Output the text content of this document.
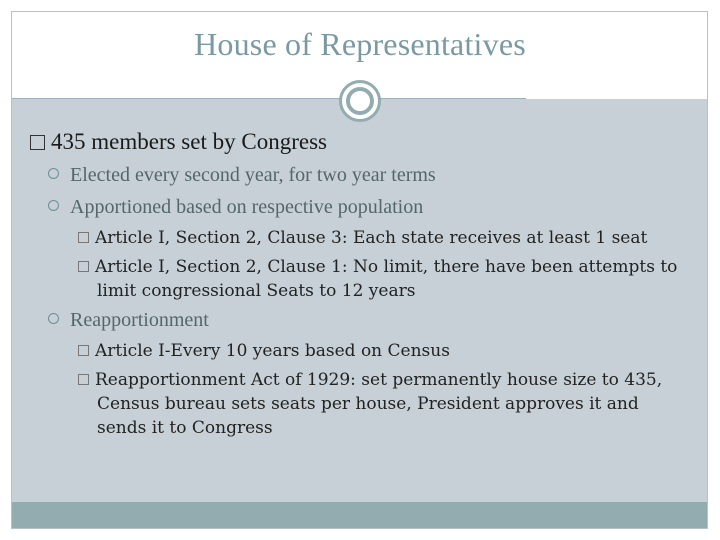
House of Representatives
435 members set by Congress
Elected every second year, for two year terms
Apportioned based on respective population
Article I, Section 2, Clause 3: Each state receives at least 1 seat
Article I, Section 2, Clause 1: No limit, there have been attempts to
limit congressional Seats to 12 years
Reapportionment
Article I-Every 10 years based on Census
Reapportionment Act of 1929: set permanently house size to 435,
Census bureau sets seats per house, President approves it and
sends it to Congress
